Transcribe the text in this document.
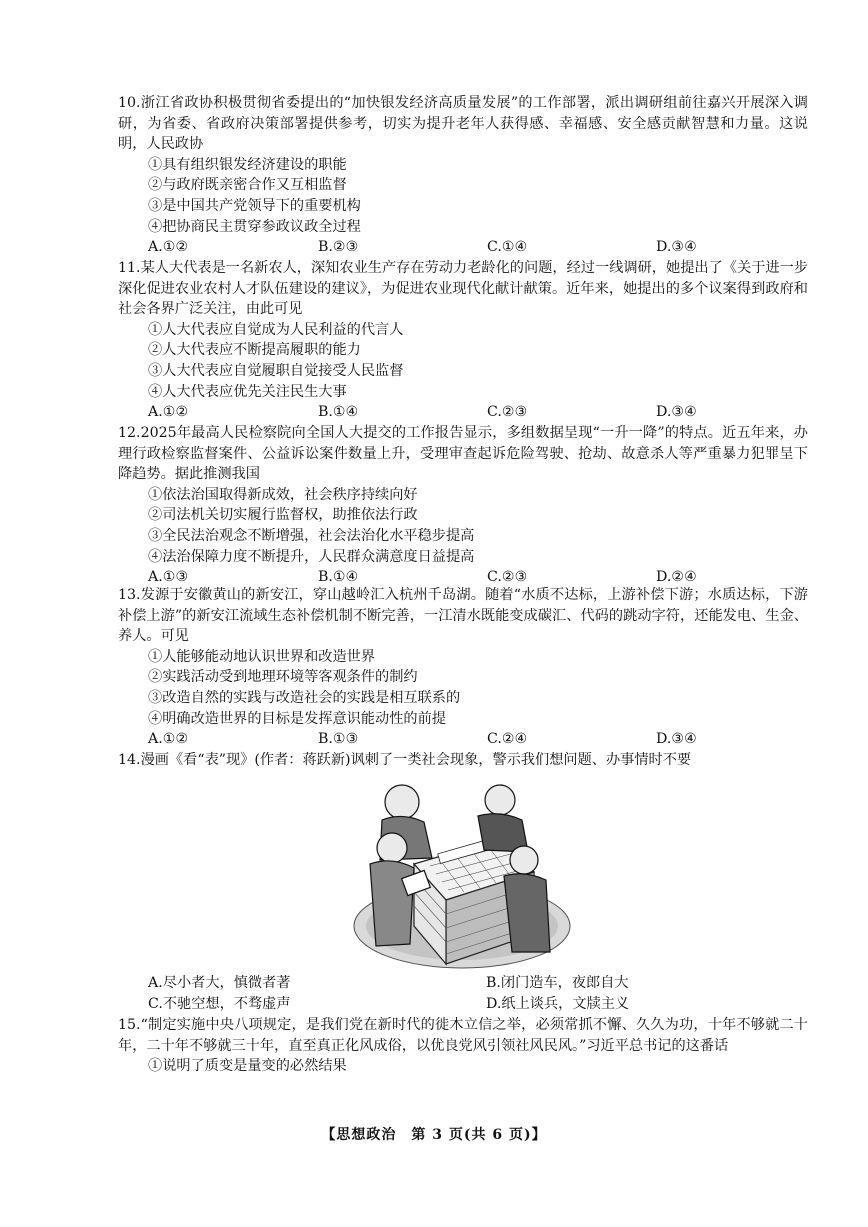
10.浙江省政协积极贯彻省委提出的“加快银发经济高质量发展”的工作部署，派出调研组前往嘉兴开展深入调研，为省委、省政府决策部署提供参考，切实为提升老年人获得感、幸福感、安全感贡献智慧和力量。这说明，人民政协

①具有组织银发经济建设的职能

②与政府既亲密合作又互相监督

③是中国共产党领导下的重要机构

④把协商民主贯穿参政议政全过程

A.①②	B.②③	C.①④	D.③④

11.某人大代表是一名新农人，深知农业生产存在劳动力老龄化的问题，经过一线调研，她提出了《关于进一步深化促进农业农村人才队伍建设的建议》，为促进农业现代化献计献策。近年来，她提出的多个议案得到政府和社会各界广泛关注，由此可见

①人大代表应自觉成为人民利益的代言人

②人大代表应不断提高履职的能力

③人大代表应自觉履职自觉接受人民监督

④人大代表应优先关注民生大事

A.①②	B.①④	C.②③	D.③④

12.2025年最高人民检察院向全国人大提交的工作报告显示，多组数据呈现“一升一降”的特点。近五年来，办理行政检察监督案件、公益诉讼案件数量上升，受理审查起诉危险驾驶、抢劫、故意杀人等严重暴力犯罪呈下降趋势。据此推测我国

①依法治国取得新成效，社会秩序持续向好

②司法机关切实履行监督权，助推依法行政

③全民法治观念不断增强，社会法治化水平稳步提高

④法治保障力度不断提升，人民群众满意度日益提高

A.①③	B.①④	C.②③	D.②④

13.发源于安徽黄山的新安江，穿山越岭汇入杭州千岛湖。随着“水质不达标，上游补偿下游；水质达标，下游补偿上游”的新安江流域生态补偿机制不断完善，一江清水既能变成碳汇、代码的跳动字符，还能发电、生金、养人。可见

①人能够能动地认识世界和改造世界

②实践活动受到地理环境等客观条件的制约

③改造自然的实践与改造社会的实践是相互联系的

④明确改造世界的目标是发挥意识能动性的前提

A.①②	B.①③	C.②④	D.③④

14.漫画《看“表”现》(作者：蒋跃新)讽刺了一类社会现象，警示我们想问题、办事情时不要

A.尽小者大，慎微者著	B.闭门造车，夜郎自大
C.不驰空想，不骛虚声	D.纸上谈兵，文牍主义

15.“制定实施中央八项规定，是我们党在新时代的徙木立信之举，必须常抓不懈、久久为功，十年不够就二十年，二十年不够就三十年，直至真正化风成俗，以优良党风引领社风民风。”习近平总书记的这番话

①说明了质变是量变的必然结果

【思想政治　第 3 页(共 6 页)】
